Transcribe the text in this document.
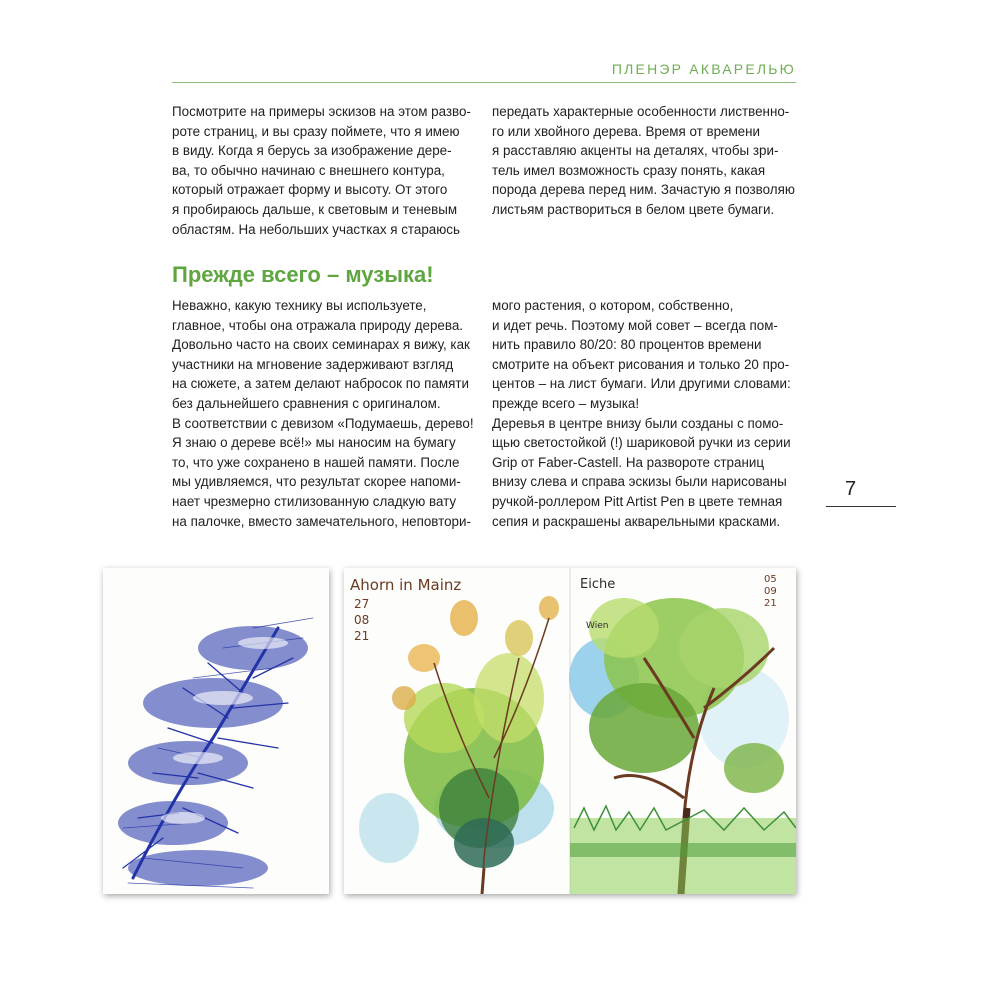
ПЛЕНЭР АКВАРЕЛЬЮ
Посмотрите на примеры эскизов на этом разво-
роте страниц, и вы сразу поймете, что я имею
в виду. Когда я берусь за изображение дере-
ва, то обычно начинаю с внешнего контура,
который отражает форму и высоту. От этого
я пробираюсь дальше, к световым и теневым
областям. На небольших участках я стараюсь
передать характерные особенности лиственно-
го или хвойного дерева. Время от времени
я расставляю акценты на деталях, чтобы зри-
тель имел возможность сразу понять, какая
порода дерева перед ним. Зачастую я позволяю
листьям раствориться в белом цвете бумаги.
Прежде всего – музыка!
Неважно, какую технику вы используете,
главное, чтобы она отражала природу дерева.
Довольно часто на своих семинарах я вижу, как
участники на мгновение задерживают взгляд
на сюжете, а затем делают набросок по памяти
без дальнейшего сравнения с оригиналом.
В соответствии с девизом «Подумаешь, дерево!
Я знаю о дереве всё!» мы наносим на бумагу
то, что уже сохранено в нашей памяти. После
мы удивляемся, что результат скорее напоми-
нает чрезмерно стилизованную сладкую вату
на палочке, вместо замечательного, неповтори-
мого растения, о котором, собственно,
и идет речь. Поэтому мой совет – всегда пом-
нить правило 80/20: 80 процентов времени
смотрите на объект рисования и только 20 про-
центов – на лист бумаги. Или другими словами:
прежде всего – музыка!
Деревья в центре внизу были созданы с помо-
щью светостойкой (!) шариковой ручки из серии
Grip от Faber-Castell. На развороте страниц
внизу слева и справа эскизы были нарисованы
ручкой-роллером Pitt Artist Pen в цвете темная
сепия и раскрашены акварельными красками.
7
Ahorn in Mainz
27
08
21
Eiche
Wien
05
09
21
